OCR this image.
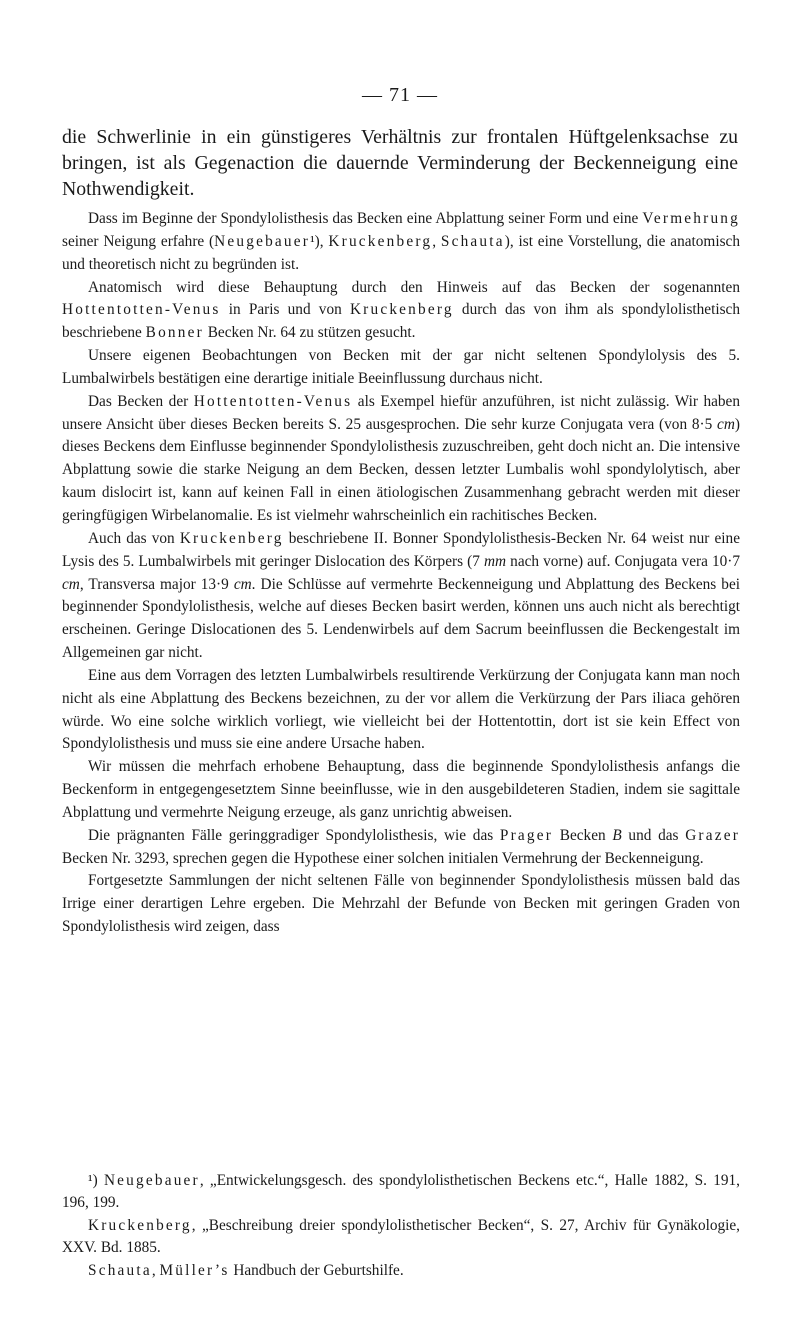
— 71 —
die Schwerlinie in ein günstigeres Verhältnis zur frontalen Hüftgelenksachse zu bringen, ist als Gegenaction die dauernde Verminderung der Beckenneigung eine Nothwendigkeit.

Dass im Beginne der Spondylolisthesis das Becken eine Abplattung seiner Form und eine Vermehrung seiner Neigung erfahre (Neugebauer¹), Kruckenberg, Schauta), ist eine Vorstellung, die anatomisch und theoretisch nicht zu begründen ist.

Anatomisch wird diese Behauptung durch den Hinweis auf das Becken der sogenannten Hottentotten-Venus in Paris und von Kruckenberg durch das von ihm als spondylolisthetisch beschriebene Bonner Becken Nr. 64 zu stützen gesucht.

Unsere eigenen Beobachtungen von Becken mit der gar nicht seltenen Spondylolysis des 5. Lumbalwirbels bestätigen eine derartige initiale Beeinflussung durchaus nicht.

Das Becken der Hottentotten-Venus als Exempel hiefür anzuführen, ist nicht zulässig. Wir haben unsere Ansicht über dieses Becken bereits S. 25 ausgesprochen. Die sehr kurze Conjugata vera (von 8·5 cm) dieses Beckens dem Einflusse beginnender Spondylolisthesis zuzuschreiben, geht doch nicht an. Die intensive Abplattung sowie die starke Neigung an dem Becken, dessen letzter Lumbalis wohl spondylolytisch, aber kaum dislocirt ist, kann auf keinen Fall in einen ätiologischen Zusammenhang gebracht werden mit dieser geringfügigen Wirbelanomalie. Es ist vielmehr wahrscheinlich ein rachitisches Becken.

Auch das von Kruckenberg beschriebene II. Bonner Spondylolisthesis-Becken Nr. 64 weist nur eine Lysis des 5. Lumbalwirbels mit geringer Dislocation des Körpers (7 mm nach vorne) auf. Conjugata vera 10·7 cm, Transversa major 13·9 cm. Die Schlüsse auf vermehrte Beckenneigung und Abplattung des Beckens bei beginnender Spondylolisthesis, welche auf dieses Becken basirt werden, können uns auch nicht als berechtigt erscheinen. Geringe Dislocationen des 5. Lendenwirbels auf dem Sacrum beeinflussen die Beckengestalt im Allgemeinen gar nicht.

Eine aus dem Vorragen des letzten Lumbalwirbels resultirende Verkürzung der Conjugata kann man noch nicht als eine Abplattung des Beckens bezeichnen, zu der vor allem die Verkürzung der Pars iliaca gehören würde. Wo eine solche wirklich vorliegt, wie vielleicht bei der Hottentottin, dort ist sie kein Effect von Spondylolisthesis und muss sie eine andere Ursache haben.

Wir müssen die mehrfach erhobene Behauptung, dass die beginnende Spondylolisthesis anfangs die Beckenform in entgegengesetztem Sinne beeinflusse, wie in den ausgebildeteren Stadien, indem sie sagittale Abplattung und vermehrte Neigung erzeuge, als ganz unrichtig abweisen.

Die prägnanten Fälle geringgradiger Spondylolisthesis, wie das Prager Becken B und das Grazer Becken Nr. 3293, sprechen gegen die Hypothese einer solchen initialen Vermehrung der Beckenneigung.

Fortgesetzte Sammlungen der nicht seltenen Fälle von beginnender Spondylolisthesis müssen bald das Irrige einer derartigen Lehre ergeben. Die Mehrzahl der Befunde von Becken mit geringen Graden von Spondylolisthesis wird zeigen, dass

¹) Neugebauer, „Entwickelungsgesch. des spondylolisthetischen Beckens etc.“, Halle 1882, S. 191, 196, 199.

Kruckenberg, „Beschreibung dreier spondylolisthetischer Becken“, S. 27, Archiv für Gynäkologie, XXV. Bd. 1885.

Schauta, Müller’s Handbuch der Geburtshilfe.
